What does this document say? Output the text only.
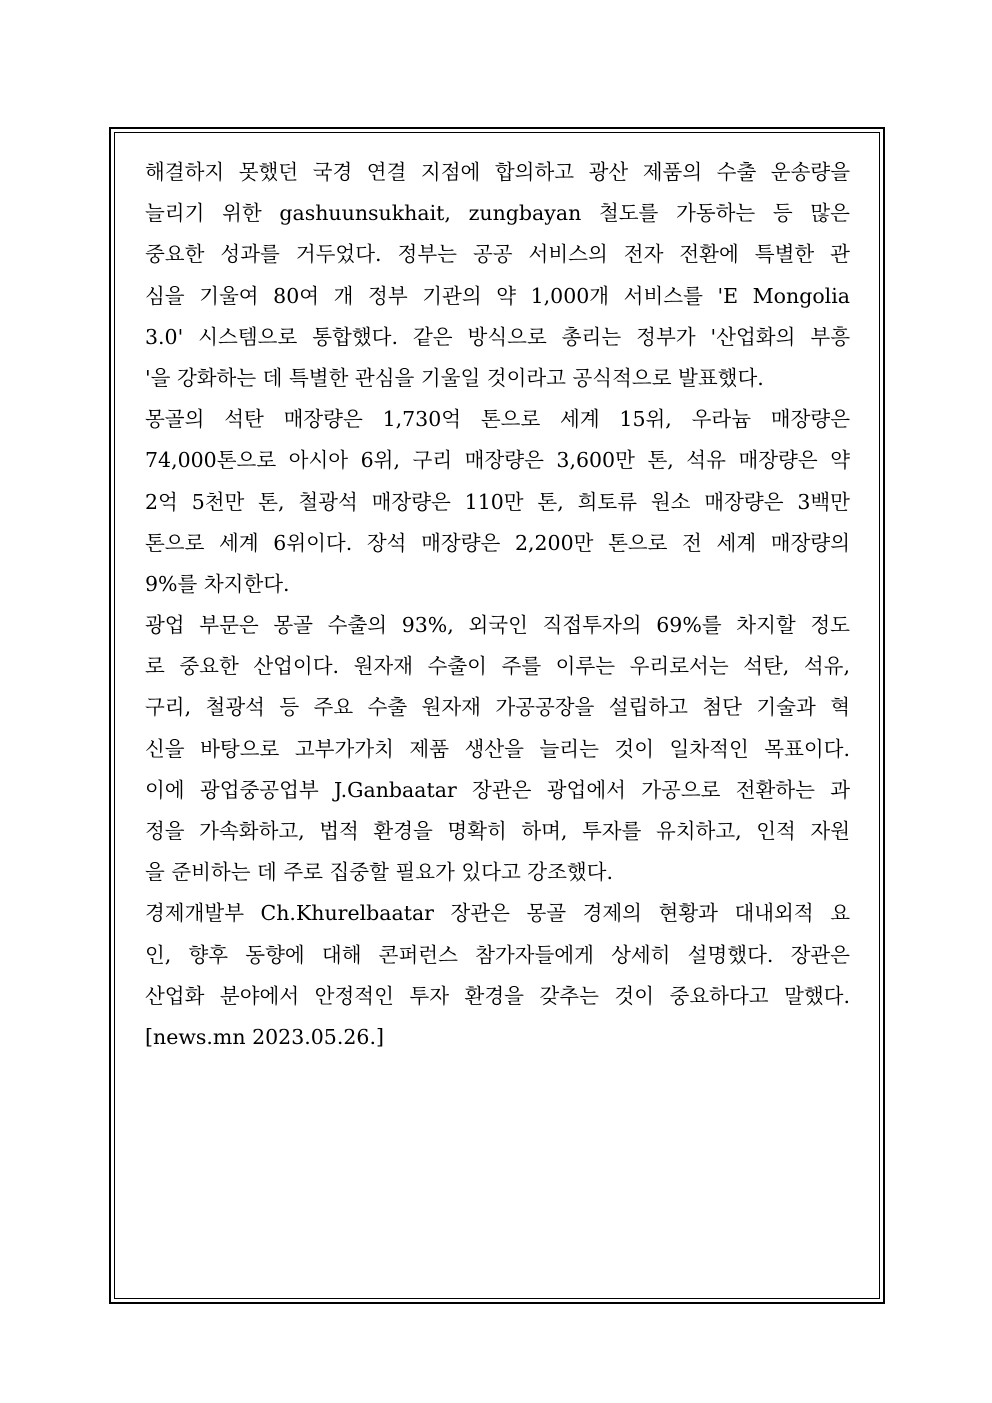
해결하지 못했던 국경 연결 지점에 합의하고 광산 제품의 수출 운송량을
늘리기 위한 gashuunsukhait, zungbayan 철도를 가동하는 등 많은
중요한 성과를 거두었다. 정부는 공공 서비스의 전자 전환에 특별한 관
심을 기울여 80여 개 정부 기관의 약 1,000개 서비스를 'E Mongolia
3.0' 시스템으로 통합했다. 같은 방식으로 총리는 정부가 '산업화의 부흥
'을 강화하는 데 특별한 관심을 기울일 것이라고 공식적으로 발표했다.
몽골의 석탄 매장량은 1,730억 톤으로 세계 15위, 우라늄 매장량은
74,000톤으로 아시아 6위, 구리 매장량은 3,600만 톤, 석유 매장량은 약
2억 5천만 톤, 철광석 매장량은 110만 톤, 희토류 원소 매장량은 3백만
톤으로 세계 6위이다. 장석 매장량은 2,200만 톤으로 전 세계 매장량의
9%를 차지한다.
광업 부문은 몽골 수출의 93%, 외국인 직접투자의 69%를 차지할 정도
로 중요한 산업이다. 원자재 수출이 주를 이루는 우리로서는 석탄, 석유,
구리, 철광석 등 주요 수출 원자재 가공공장을 설립하고 첨단 기술과 혁
신을 바탕으로 고부가가치 제품 생산을 늘리는 것이 일차적인 목표이다.
이에 광업중공업부 J.Ganbaatar 장관은 광업에서 가공으로 전환하는 과
정을 가속화하고, 법적 환경을 명확히 하며, 투자를 유치하고, 인적 자원
을 준비하는 데 주로 집중할 필요가 있다고 강조했다.
경제개발부 Ch.Khurelbaatar 장관은 몽골 경제의 현황과 대내외적 요
인, 향후 동향에 대해 콘퍼런스 참가자들에게 상세히 설명했다. 장관은
산업화 분야에서 안정적인 투자 환경을 갖추는 것이 중요하다고 말했다.
[news.mn 2023.05.26.]
